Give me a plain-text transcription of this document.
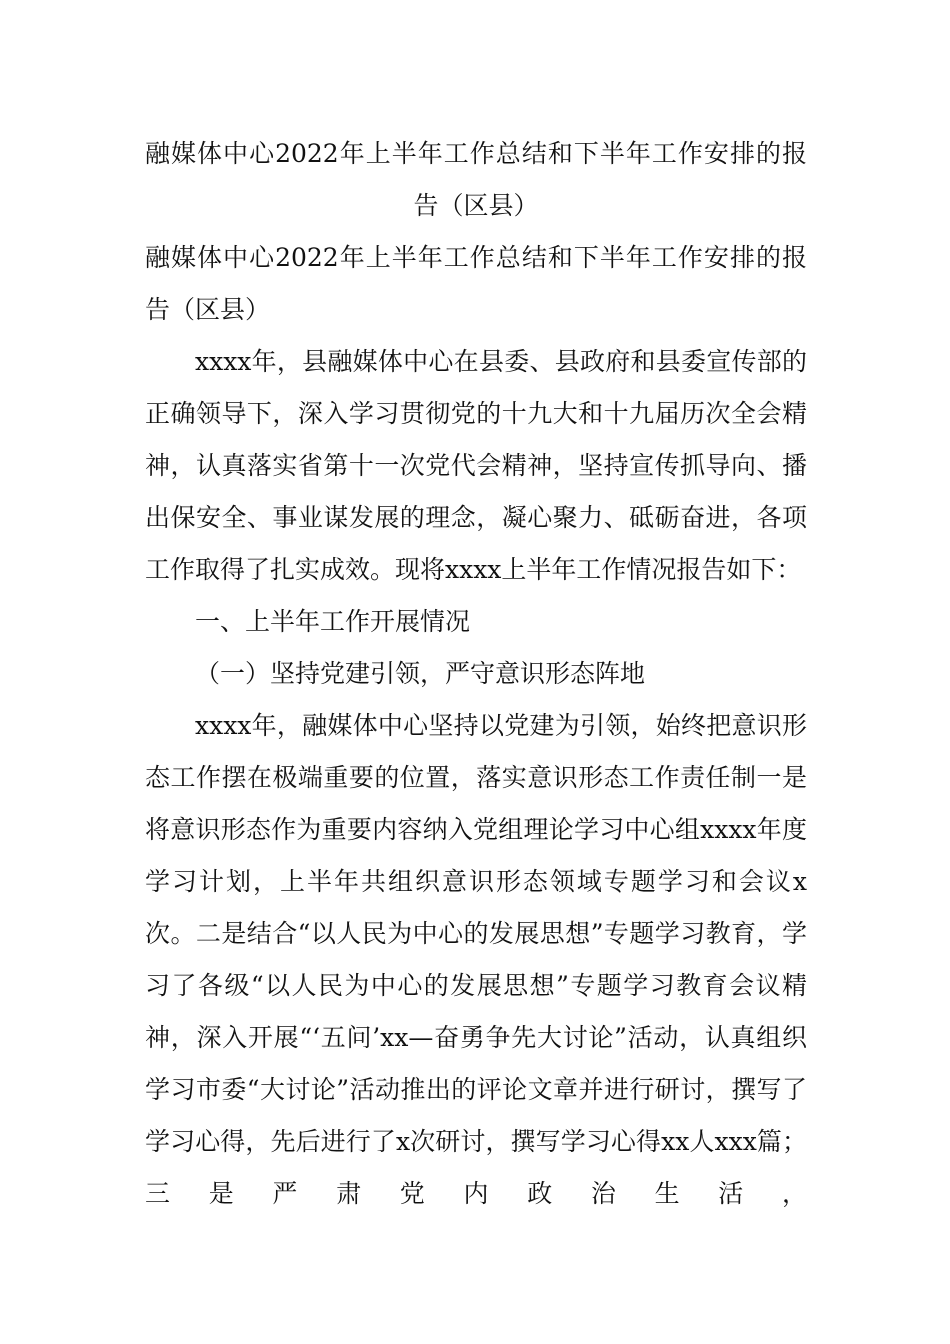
融媒体中心2022年上半年工作总结和下半年工作安排的报告（区县）

融媒体中心2022年上半年工作总结和下半年工作安排的报告（区县）

xxxx年，县融媒体中心在县委、县政府和县委宣传部的正确领导下，深入学习贯彻党的十九大和十九届历次全会精神，认真落实省第十一次党代会精神，坚持宣传抓导向、播出保安全、事业谋发展的理念，凝心聚力、砥砺奋进，各项工作取得了扎实成效。现将xxxx上半年工作情况报告如下：

一、上半年工作开展情况

（一）坚持党建引领，严守意识形态阵地

xxxx年，融媒体中心坚持以党建为引领，始终把意识形态工作摆在极端重要的位置，落实意识形态工作责任制一是将意识形态作为重要内容纳入党组理论学习中心组xxxx年度学习计划，上半年共组织意识形态领域专题学习和会议x次。二是结合“以人民为中心的发展思想”专题学习教育，学习了各级“以人民为中心的发展思想”专题学习教育会议精神，深入开展“‘五问’xx—奋勇争先大讨论”活动，认真组织学习市委“大讨论”活动推出的评论文章并进行研讨，撰写了学习心得，先后进行了x次研讨，撰写学习心得xx人xxx篇；三是严肃党内政治生活，
